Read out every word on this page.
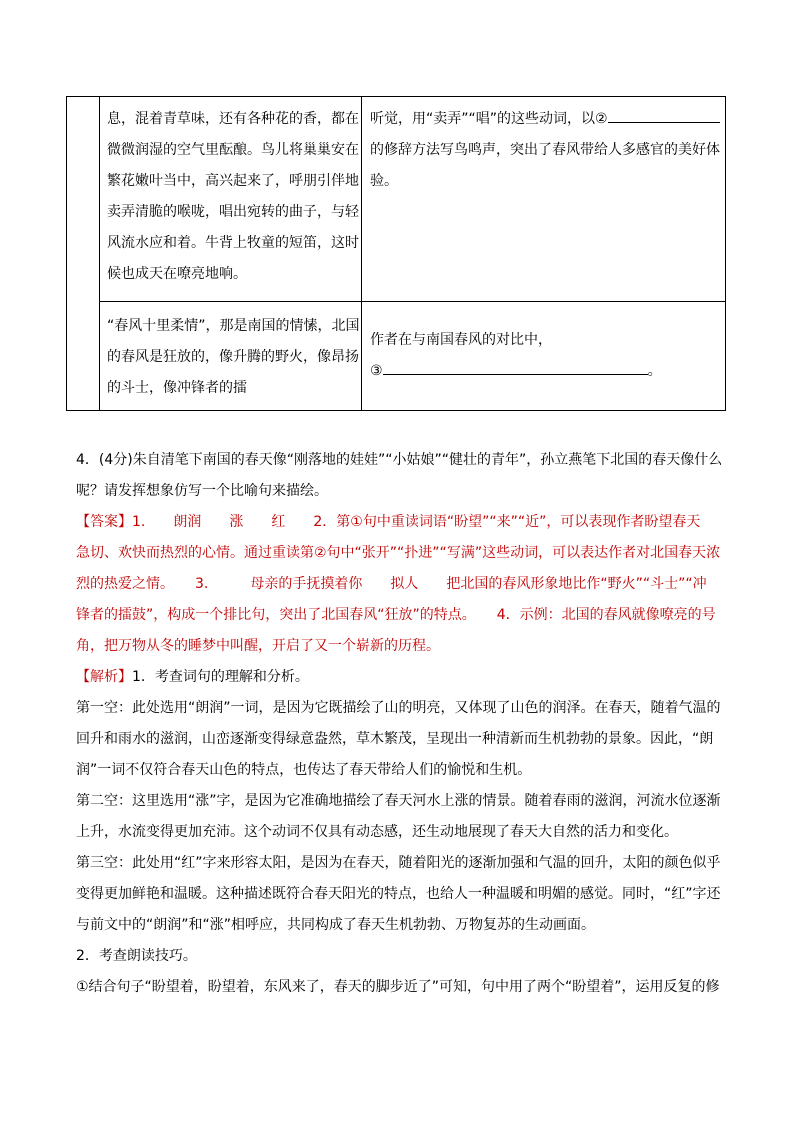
息，混着青草味，还有各种花的香，都在

微微润湿的空气里酝酿。鸟儿将巢巢安在

繁花嫩叶当中，高兴起来了，呼朋引伴地

卖弄清脆的喉咙，唱出宛转的曲子，与轻

风流水应和着。牛背上牧童的短笛，这时

候也成天在嘹亮地响。

听觉，用“卖弄”“唱”的这些动词，以②

的修辞方法写鸟鸣声，突出了春风带给人多感官的美好体

验。

“春风十里柔情”，那是南国的情愫，北国

的春风是狂放的，像升腾的野火，像昂扬

的斗士，像冲锋者的擂

作者在与南国春风的对比中，

③	。

4．(4分)朱自清笔下南国的春天像“刚落地的娃娃”“小姑娘”“健壮的青年”，孙立燕笔下北国的春天像什么

呢？请发挥想象仿写一个比喻句来描绘。

【答案】1.　　朗润　　涨　　红　　2．第①句中重读词语“盼望”“来”“近”，可以表现作者盼望春天

急切、欢快而热烈的心情。通过重读第②句中“张开”“扑进”“写满”这些动词，可以表达作者对北国春天浓

烈的热爱之情。　　3.　　　母亲的手抚摸着你　　拟人　　把北国的春风形象地比作“野火”“斗士”“冲

锋者的擂鼓”，构成一个排比句，突出了北国春风“狂放”的特点。　　4．示例：北国的春风就像嘹亮的号

角，把万物从冬的睡梦中叫醒，开启了又一个崭新的历程。

【解析】1．考查词句的理解和分析。

第一空：此处选用“朗润”一词，是因为它既描绘了山的明亮，又体现了山色的润泽。在春天，随着气温的

回升和雨水的滋润，山峦逐渐变得绿意盎然，草木繁茂，呈现出一种清新而生机勃勃的景象。因此，“朗

润”一词不仅符合春天山色的特点，也传达了春天带给人们的愉悦和生机。

第二空：这里选用“涨”字，是因为它准确地描绘了春天河水上涨的情景。随着春雨的滋润，河流水位逐渐

上升，水流变得更加充沛。这个动词不仅具有动态感，还生动地展现了春天大自然的活力和变化。

第三空：此处用“红”字来形容太阳，是因为在春天，随着阳光的逐渐加强和气温的回升，太阳的颜色似乎

变得更加鲜艳和温暖。这种描述既符合春天阳光的特点，也给人一种温暖和明媚的感觉。同时，“红”字还

与前文中的“朗润”和“涨”相呼应，共同构成了春天生机勃勃、万物复苏的生动画面。

2．考查朗读技巧。

①结合句子“盼望着，盼望着，东风来了，春天的脚步近了”可知，句中用了两个“盼望着”，运用反复的修
